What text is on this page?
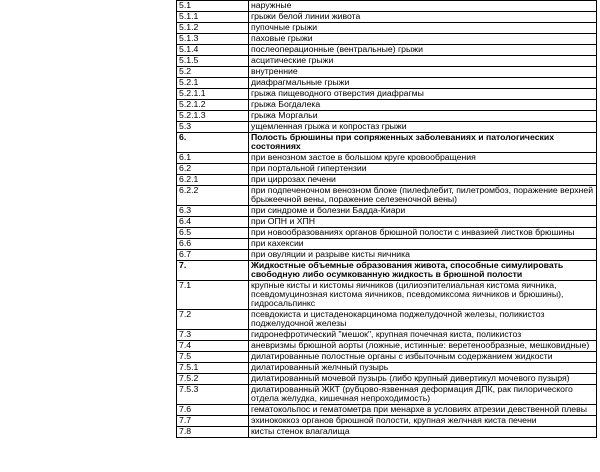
5.1	наружные
5.1.1	грыжи белой линии живота
5.1.2	пупочные грыжи
5.1.3	паховые грыжи
5.1.4	послеоперационные (вентральные) грыжи
5.1.5	асцитические грыжи
5.2	внутренние
5.2.1	диафрагмальные грыжи
5.2.1.1	грыжа пищеводного отверстия диафрагмы
5.2.1.2	грыжа Богдалека
5.2.1.3	грыжа Моргальи
5.3	ущемленная грыжа и копростаз грыжи
6.	Полость брюшины при сопряженных заболеваниях и патологических состояниях
6.1	при венозном застое в большом круге кровообращения
6.2	при портальной гипертензии
6.2.1	при циррозах печени
6.2.2	при подпеченочном венозном блоке (пилефлебит, пилетромбоз, поражение верхней брыжеечной вены, поражение селезеночной вены)
6.3	при синдроме и болезни Бадда-Киари
6.4	при ОПН и ХПН
6.5	при новообразованиях органов брюшной полости с инвазией листков брюшины
6.6	при кахексии
6.7	при овуляции и разрыве кисты яичника
7.	Жидкостные объемные образования живота, способные симулировать свободную либо осумкованную жидкость в брюшной полости
7.1	крупные кисты и кистомы яичников (цилиоэпителиальная кистома яичника, псевдомуцинозная кистома яичников, псевдомиксома яичников и брюшины), гидросальпинкс
7.2	псевдокиста и цистаденокарцинома поджелудочной железы, поликистоз поджелудочной железы
7.3	гидронефротический "мешок", крупная почечная киста, поликистоз
7.4	аневризмы брюшной аорты (ложные, истинные: веретенообразные, мешковидные)
7.5	дилатированные полостные органы с избыточным содержанием жидкости
7.5.1	дилатированный желчный пузырь
7.5.2	дилатированный мочевой пузырь (либо крупный дивертикул мочевого пузыря)
7.5.3	дилатированный ЖКТ (рубцово-язвенная деформация ДПК, рак пилорического отдела желудка, кишечная непроходимость)
7.6	гематокольпос и гематометра при менархе в условиях атрезии девственной плевы
7.7	эхинококкоз органов брюшной полости, крупная желчная киста печени
7.8	кисты стенок влагалища
